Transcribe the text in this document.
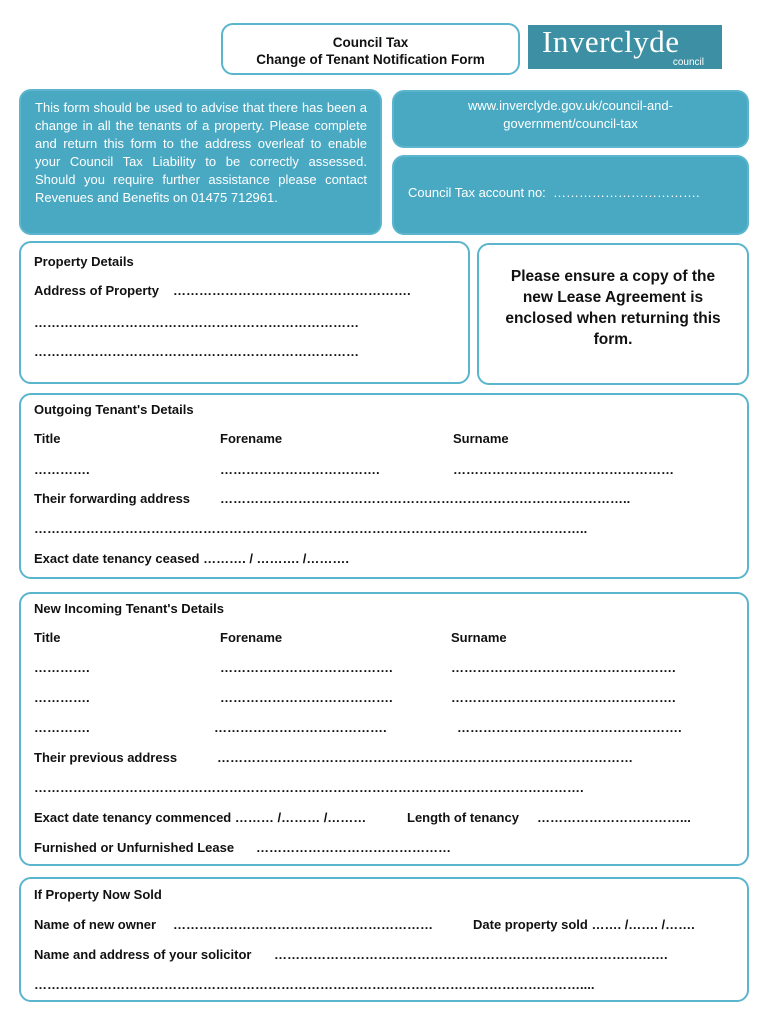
Council Tax
Change of Tenant Notification Form
Inverclyde
council

This form should be used to advise that there has been a change in all the tenants of a property. Please complete and return this form to the address overleaf to enable your Council Tax Liability to be correctly assessed. Should you require further assistance please contact Revenues and Benefits on 01475 712961.

www.inverclyde.gov.uk/council-and-
government/council-tax
Council Tax account no: …………………………….
Property Details
Address of Property ……………………………………………….
…………………………………………………………………
…………………………………………………………………
Please ensure a copy of the new Lease Agreement is enclosed when returning this form.
Outgoing Tenant's Details
Title	Forename	Surname
………….	……………………………….	……………………………………………
Their forwarding address …………………………………………………………………………………..
………………………………………………………………………………………………………………..
Exact date tenancy ceased ………. / ………. /……….
New Incoming Tenant's Details
Title	Forename	Surname
………….	………………………………….	…………………………………………….
………….	………………………………….	…………………………………………….
………….	………………………………….	…………………………………………….
Their previous address	……………………………………………………………………………………
……………………………………………………………………………………………………………….
Exact date tenancy commenced ……… /……… /………	Length of tenancy ……………………………...
Furnished or Unfurnished Lease ………………………………………
If Property Now Sold
Name of new owner ……………………………………………………	Date property sold ……. /……. /…….
Name and address of your solicitor ……………………………………………………………………………….
………………………………………………………………………………………………………………....
